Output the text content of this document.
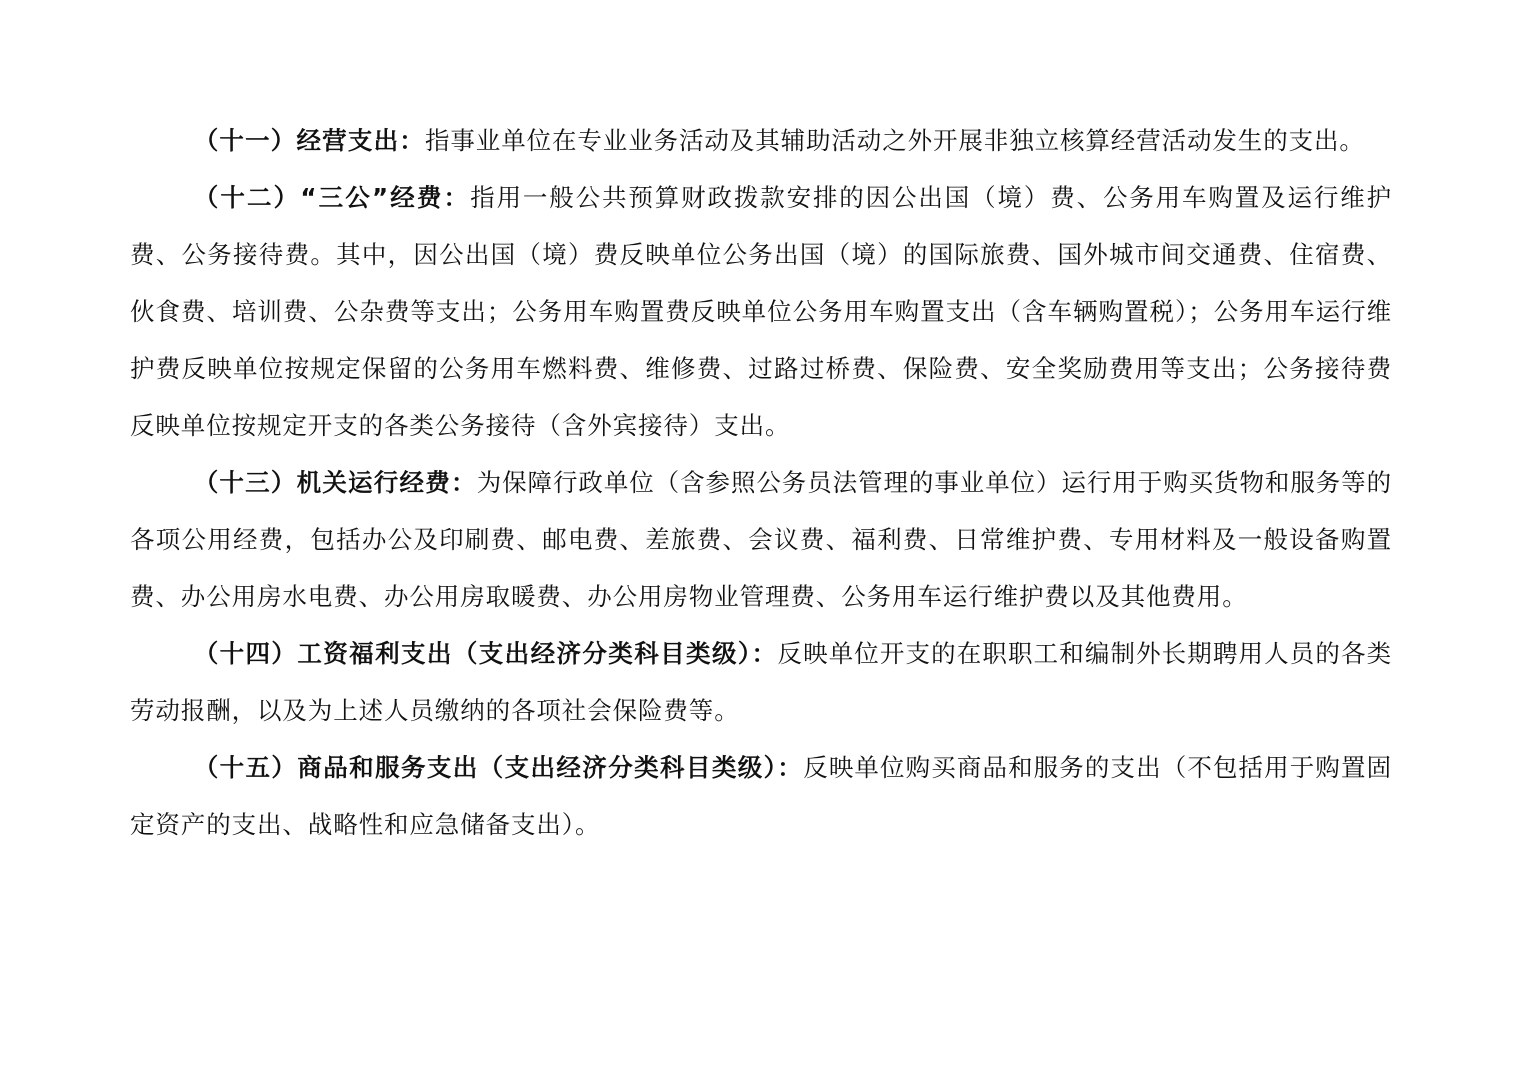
（十一）经营支出：指事业单位在专业业务活动及其辅助活动之外开展非独立核算经营活动发生的支出。

（十二）“三公”经费：指用一般公共预算财政拨款安排的因公出国（境）费、公务用车购置及运行维护费、公务接待费。其中，因公出国（境）费反映单位公务出国（境）的国际旅费、国外城市间交通费、住宿费、伙食费、培训费、公杂费等支出；公务用车购置费反映单位公务用车购置支出（含车辆购置税）；公务用车运行维护费反映单位按规定保留的公务用车燃料费、维修费、过路过桥费、保险费、安全奖励费用等支出；公务接待费反映单位按规定开支的各类公务接待（含外宾接待）支出。

（十三）机关运行经费：为保障行政单位（含参照公务员法管理的事业单位）运行用于购买货物和服务等的各项公用经费，包括办公及印刷费、邮电费、差旅费、会议费、福利费、日常维护费、专用材料及一般设备购置费、办公用房水电费、办公用房取暖费、办公用房物业管理费、公务用车运行维护费以及其他费用。

（十四）工资福利支出（支出经济分类科目类级）：反映单位开支的在职职工和编制外长期聘用人员的各类劳动报酬，以及为上述人员缴纳的各项社会保险费等。

（十五）商品和服务支出（支出经济分类科目类级）：反映单位购买商品和服务的支出（不包括用于购置固定资产的支出、战略性和应急储备支出）。
